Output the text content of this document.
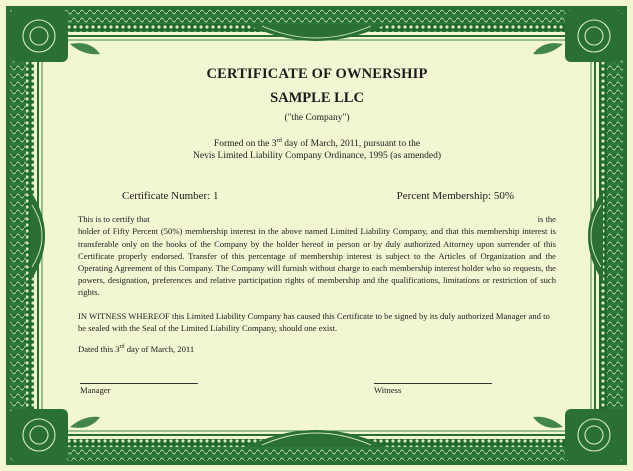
CERTIFICATE OF OWNERSHIP
SAMPLE LLC
("the Company")
Formed on the 3rd day of March, 2011, pursuant to the
Nevis Limited Liability Company Ordinance, 1995 (as amended)
Certificate Number: 1	Percent Membership: 50%
This is to certify that	is the
holder of Fifty Percent (50%) membership interest in the above named Limited Liability Company, and that this membership interest is transferable only on the books of the Company by the holder hereof in person or by duly authorized Attorney upon surrender of this Certificate properly endorsed. Transfer of this percentage of membership interest is subject to the Articles of Organization and the Operating Agreement of this Company. The Company will furnish without charge to each membership interest holder who so requests, the powers, designation, preferences and relative participation rights of membership and the qualifications, limitations or restriction of such rights.
IN WITNESS WHEREOF this Limited Liability Company has caused this Certificate to be signed by its duly authorized Manager and to be sealed with the Seal of the Limited Liability Company, should one exist.
Dated this 3rd day of March, 2011
Manager	Witness
